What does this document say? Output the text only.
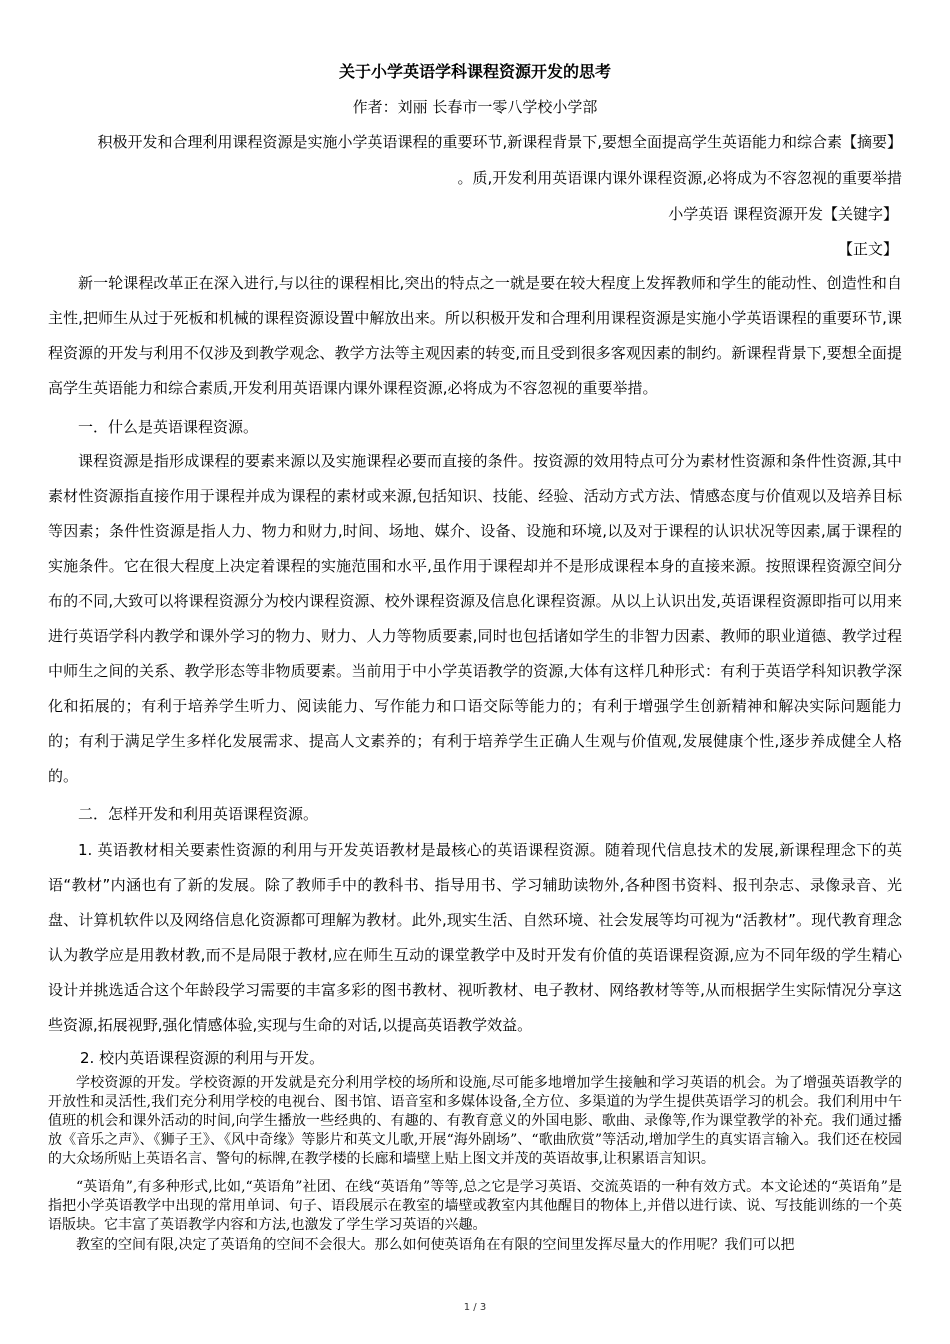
关于小学英语学科课程资源开发的思考
作者：刘丽 长春市一零八学校小学部
积极开发和合理利用课程资源是实施小学英语课程的重要环节,新课程背景下,要想全面提高学生英语能力和综合素【摘要】
。质,开发利用英语课内课外课程资源,必将成为不容忽视的重要举措
小学英语 课程资源开发【关键字】
【正文】
新一轮课程改革正在深入进行,与以往的课程相比,突出的特点之一就是要在较大程度上发挥教师和学生的能动性、创造性和自主性,把师生从过于死板和机械的课程资源设置中解放出来。所以积极开发和合理利用课程资源是实施小学英语课程的重要环节,课程资源的开发与利用不仅涉及到教学观念、教学方法等主观因素的转变,而且受到很多客观因素的制约。新课程背景下,要想全面提高学生英语能力和综合素质,开发利用英语课内课外课程资源,必将成为不容忽视的重要举措。
一．什么是英语课程资源。
课程资源是指形成课程的要素来源以及实施课程必要而直接的条件。按资源的效用特点可分为素材性资源和条件性资源,其中素材性资源指直接作用于课程并成为课程的素材或来源,包括知识、技能、经验、活动方式方法、情感态度与价值观以及培养目标等因素；条件性资源是指人力、物力和财力,时间、场地、媒介、设备、设施和环境,以及对于课程的认识状况等因素,属于课程的实施条件。它在很大程度上决定着课程的实施范围和水平,虽作用于课程却并不是形成课程本身的直接来源。按照课程资源空间分布的不同,大致可以将课程资源分为校内课程资源、校外课程资源及信息化课程资源。从以上认识出发,英语课程资源即指可以用来进行英语学科内教学和课外学习的物力、财力、人力等物质要素,同时也包括诸如学生的非智力因素、教师的职业道德、教学过程中师生之间的关系、教学形态等非物质要素。当前用于中小学英语教学的资源,大体有这样几种形式：有利于英语学科知识教学深化和拓展的；有利于培养学生听力、阅读能力、写作能力和口语交际等能力的；有利于增强学生创新精神和解决实际问题能力的；有利于满足学生多样化发展需求、提高人文素养的；有利于培养学生正确人生观与价值观,发展健康个性,逐步养成健全人格的。
二．怎样开发和利用英语课程资源。
1. 英语教材相关要素性资源的利用与开发英语教材是最核心的英语课程资源。随着现代信息技术的发展,新课程理念下的英语“教材”内涵也有了新的发展。除了教师手中的教科书、指导用书、学习辅助读物外,各种图书资料、报刊杂志、录像录音、光盘、计算机软件以及网络信息化资源都可理解为教材。此外,现实生活、自然环境、社会发展等均可视为“活教材”。现代教育理念认为教学应是用教材教,而不是局限于教材,应在师生互动的课堂教学中及时开发有价值的英语课程资源,应为不同年级的学生精心设计并挑选适合这个年龄段学习需要的丰富多彩的图书教材、视听教材、电子教材、网络教材等等,从而根据学生实际情况分享这些资源,拓展视野,强化情感体验,实现与生命的对话,以提高英语教学效益。
2. 校内英语课程资源的利用与开发。
学校资源的开发。学校资源的开发就是充分利用学校的场所和设施,尽可能多地增加学生接触和学习英语的机会。为了增强英语教学的开放性和灵活性,我们充分利用学校的电视台、图书馆、语音室和多媒体设备,全方位、多渠道的为学生提供英语学习的机会。我们利用中午值班的机会和课外活动的时间,向学生播放一些经典的、有趣的、有教育意义的外国电影、歌曲、录像等,作为课堂教学的补充。我们通过播放《音乐之声》、《狮子王》、《风中奇缘》等影片和英文儿歌,开展“海外剧场”、“歌曲欣赏”等活动,增加学生的真实语言输入。我们还在校园的大众场所贴上英语名言、警句的标牌,在教学楼的长廊和墙壁上贴上图文并茂的英语故事,让积累语言知识。
“英语角”,有多种形式,比如,“英语角”社团、在线“英语角”等等,总之它是学习英语、交流英语的一种有效方式。本文论述的“英语角”是指把小学英语教学中出现的常用单词、句子、语段展示在教室的墙壁或教室内其他醒目的物体上,并借以进行读、说、写技能训练的一个英语版块。它丰富了英语教学内容和方法,也激发了学生学习英语的兴趣。
教室的空间有限,决定了英语角的空间不会很大。那么如何使英语角在有限的空间里发挥尽量大的作用呢？我们可以把
1 / 3
